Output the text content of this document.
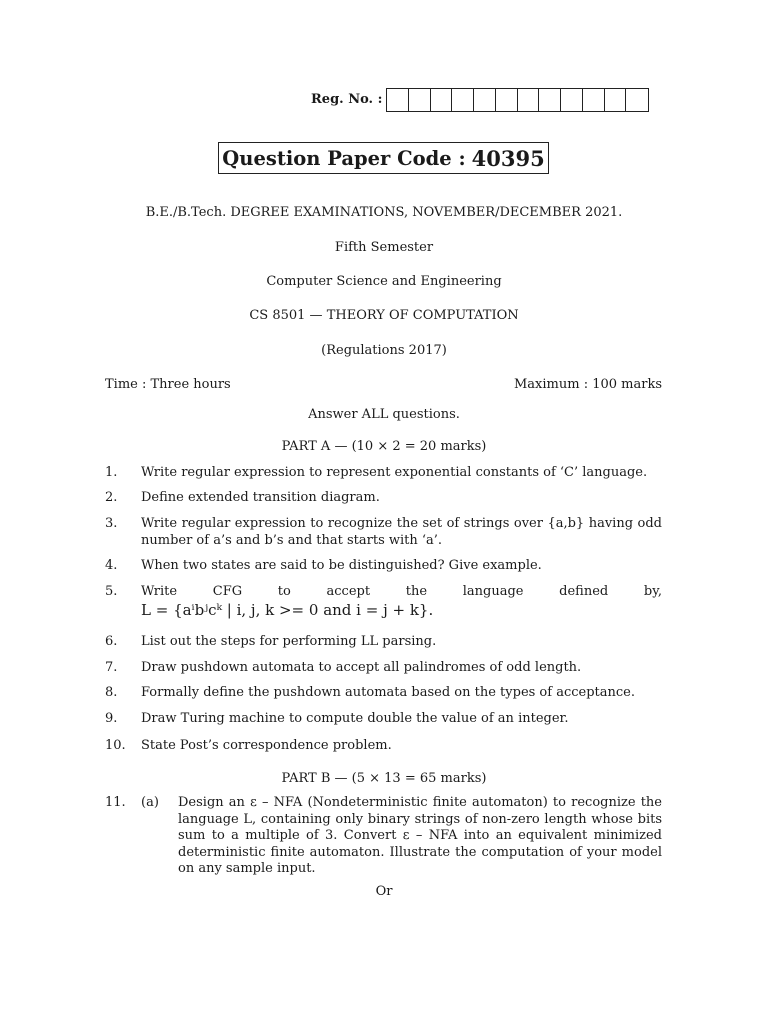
Reg. No. :
Question Paper Code : 40395
B.E./B.Tech. DEGREE EXAMINATIONS, NOVEMBER/DECEMBER 2021.
Fifth Semester
Computer Science and Engineering
CS 8501 — THEORY OF COMPUTATION
(Regulations 2017)
Time : Three hours	Maximum : 100 marks
Answer ALL questions.
PART A — (10 × 2 = 20 marks)
1. Write regular expression to represent exponential constants of ‘C’ language.
2. Define extended transition diagram.
3. Write regular expression to recognize the set of strings over {a,b} having odd number of a’s and b’s and that starts with ‘a’.
4. When two states are said to be distinguished? Give example.
5. Write	CFG	to	accept	the	language	defined	by,
L = {aⁱbʲcᵏ | i, j, k >= 0 and i = j + k}.
6. List out the steps for performing LL parsing.
7. Draw pushdown automata to accept all palindromes of odd length.
8. Formally define the pushdown automata based on the types of acceptance.
9. Draw Turing machine to compute double the value of an integer.
10. State Post’s correspondence problem.
PART B — (5 × 13 = 65 marks)
11. (a) Design an ε – NFA (Nondeterministic finite automaton) to recognize the language L, containing only binary strings of non-zero length whose bits sum to a multiple of 3. Convert ε – NFA into an equivalent minimized deterministic finite automaton. Illustrate the computation of your model on any sample input.
Or
